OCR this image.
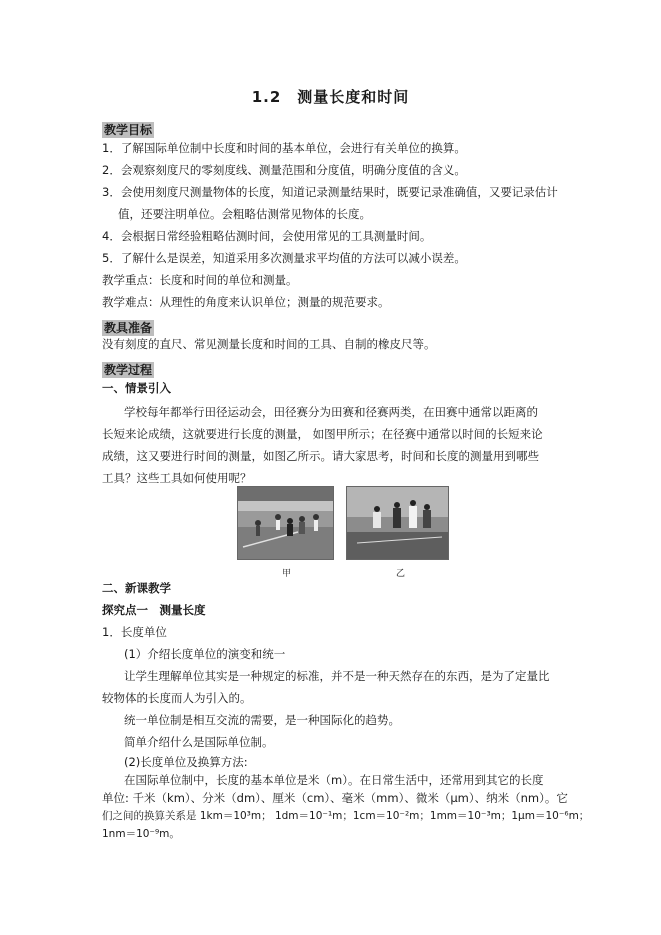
1.2　测量长度和时间
教学目标
1．了解国际单位制中长度和时间的基本单位，会进行有关单位的换算。
2．会观察刻度尺的零刻度线、测量范围和分度值，明确分度值的含义。
3．会使用刻度尺测量物体的长度，知道记录测量结果时，既要记录准确值，又要记录估计
值，还要注明单位。会粗略估测常见物体的长度。
4．会根据日常经验粗略估测时间，会使用常见的工具测量时间。
5．了解什么是误差，知道采用多次测量求平均值的方法可以减小误差。
教学重点：长度和时间的单位和测量。
教学难点：从理性的角度来认识单位；测量的规范要求。
教具准备
没有刻度的直尺、常见测量长度和时间的工具、自制的橡皮尺等。
教学过程
一、情景引入
学校每年都举行田径运动会，田径赛分为田赛和径赛两类，在田赛中通常以距离的
长短来论成绩，这就要进行长度的测量， 如图甲所示；在径赛中通常以时间的长短来论
成绩，这又要进行时间的测量，如图乙所示。请大家思考，时间和长度的测量用到哪些
工具？这些工具如何使用呢？
甲	乙
二、新课教学
探究点一　测量长度
1．长度单位
(1）介绍长度单位的演变和统一
让学生理解单位其实是一种规定的标准，并不是一种天然存在的东西，是为了定量比
较物体的长度而人为引入的。
统一单位制是相互交流的需要，是一种国际化的趋势。
简单介绍什么是国际单位制。
(2)长度单位及换算方法:
在国际单位制中，长度的基本单位是米（m）。在日常生活中，还常用到其它的长度
单位: 千米（km）、分米（dm）、厘米（cm）、毫米（mm）、微米（μm）、纳米（nm）。它
们之间的换算关系是 1km＝10³m； 1dm＝10⁻¹m；1cm＝10⁻²m；1mm＝10⁻³m；1μm＝10⁻⁶m；
1nm＝10⁻⁹m。
